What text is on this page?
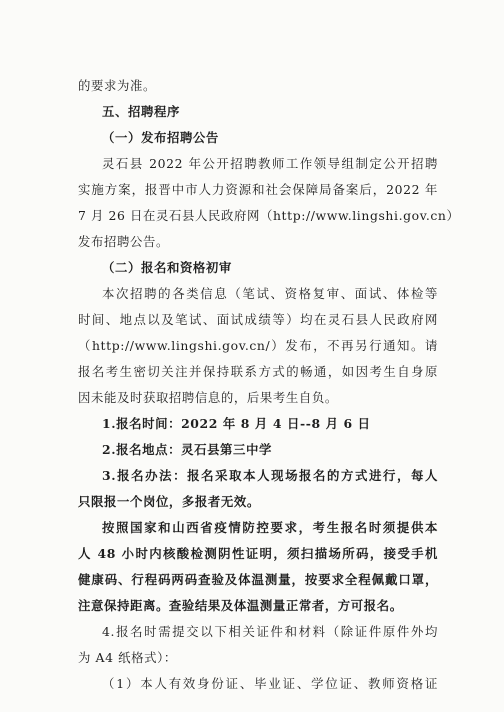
的要求为准。
五、招聘程序
（一）发布招聘公告
灵石县 2022 年公开招聘教师工作领导组制定公开招聘
实施方案，报晋中市人力资源和社会保障局备案后，2022 年
7 月 26 日在灵石县人民政府网（http://www.lingshi.gov.cn）
发布招聘公告。
（二）报名和资格初审
本次招聘的各类信息（笔试、资格复审、面试、体检等
时间、地点以及笔试、面试成绩等）均在灵石县人民政府网
（http://www.lingshi.gov.cn/）发布，不再另行通知。请
报名考生密切关注并保持联系方式的畅通，如因考生自身原
因未能及时获取招聘信息的，后果考生自负。
1.报名时间：2022 年 8 月 4 日--8 月 6 日
2.报名地点：灵石县第三中学
3.报名办法：报名采取本人现场报名的方式进行，每人
只限报一个岗位，多报者无效。
按照国家和山西省疫情防控要求，考生报名时须提供本
人 48 小时内核酸检测阴性证明，须扫描场所码，接受手机
健康码、行程码两码查验及体温测量，按要求全程佩戴口罩，
注意保持距离。查验结果及体温测量正常者，方可报名。
4.报名时需提交以下相关证件和材料（除证件原件外均
为 A4 纸格式）：
（1）本人有效身份证、毕业证、学位证、教师资格证
